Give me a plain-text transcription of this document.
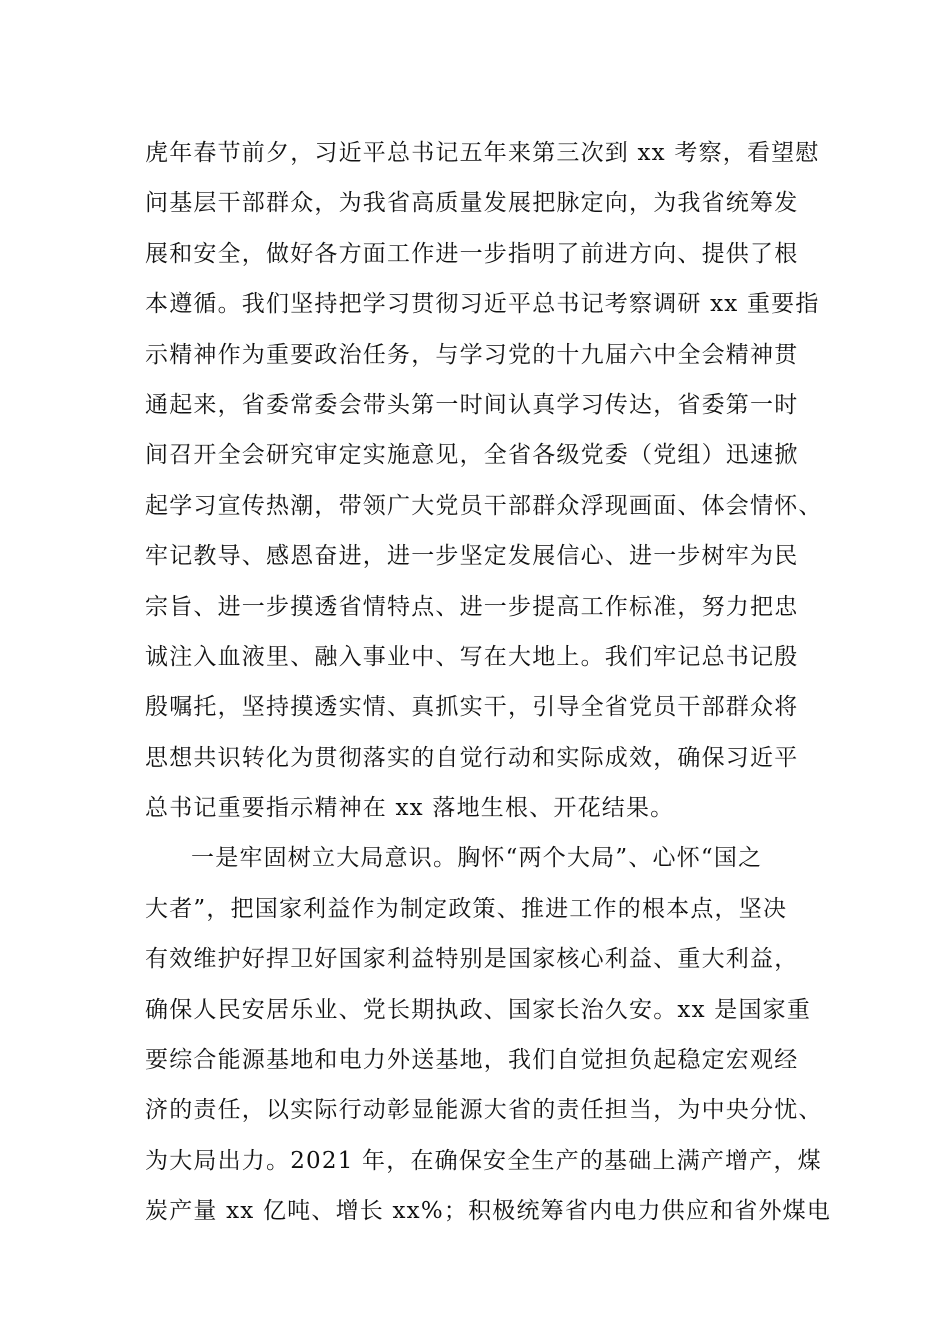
虎年春节前夕，习近平总书记五年来第三次到 xx 考察，看望慰
问基层干部群众，为我省高质量发展把脉定向，为我省统筹发
展和安全，做好各方面工作进一步指明了前进方向、提供了根
本遵循。我们坚持把学习贯彻习近平总书记考察调研 xx 重要指
示精神作为重要政治任务，与学习党的十九届六中全会精神贯
通起来，省委常委会带头第一时间认真学习传达，省委第一时
间召开全会研究审定实施意见，全省各级党委（党组）迅速掀
起学习宣传热潮，带领广大党员干部群众浮现画面、体会情怀、
牢记教导、感恩奋进，进一步坚定发展信心、进一步树牢为民
宗旨、进一步摸透省情特点、进一步提高工作标准，努力把忠
诚注入血液里、融入事业中、写在大地上。我们牢记总书记殷
殷嘱托，坚持摸透实情、真抓实干，引导全省党员干部群众将
思想共识转化为贯彻落实的自觉行动和实际成效，确保习近平
总书记重要指示精神在 xx 落地生根、开花结果。
一是牢固树立大局意识。胸怀“两个大局”、心怀“国之
大者”，把国家利益作为制定政策、推进工作的根本点，坚决
有效维护好捍卫好国家利益特别是国家核心利益、重大利益，
确保人民安居乐业、党长期执政、国家长治久安。xx 是国家重
要综合能源基地和电力外送基地，我们自觉担负起稳定宏观经
济的责任，以实际行动彰显能源大省的责任担当，为中央分忧、
为大局出力。2021 年，在确保安全生产的基础上满产增产，煤
炭产量 xx 亿吨、增长 xx%；积极统筹省内电力供应和省外煤电
